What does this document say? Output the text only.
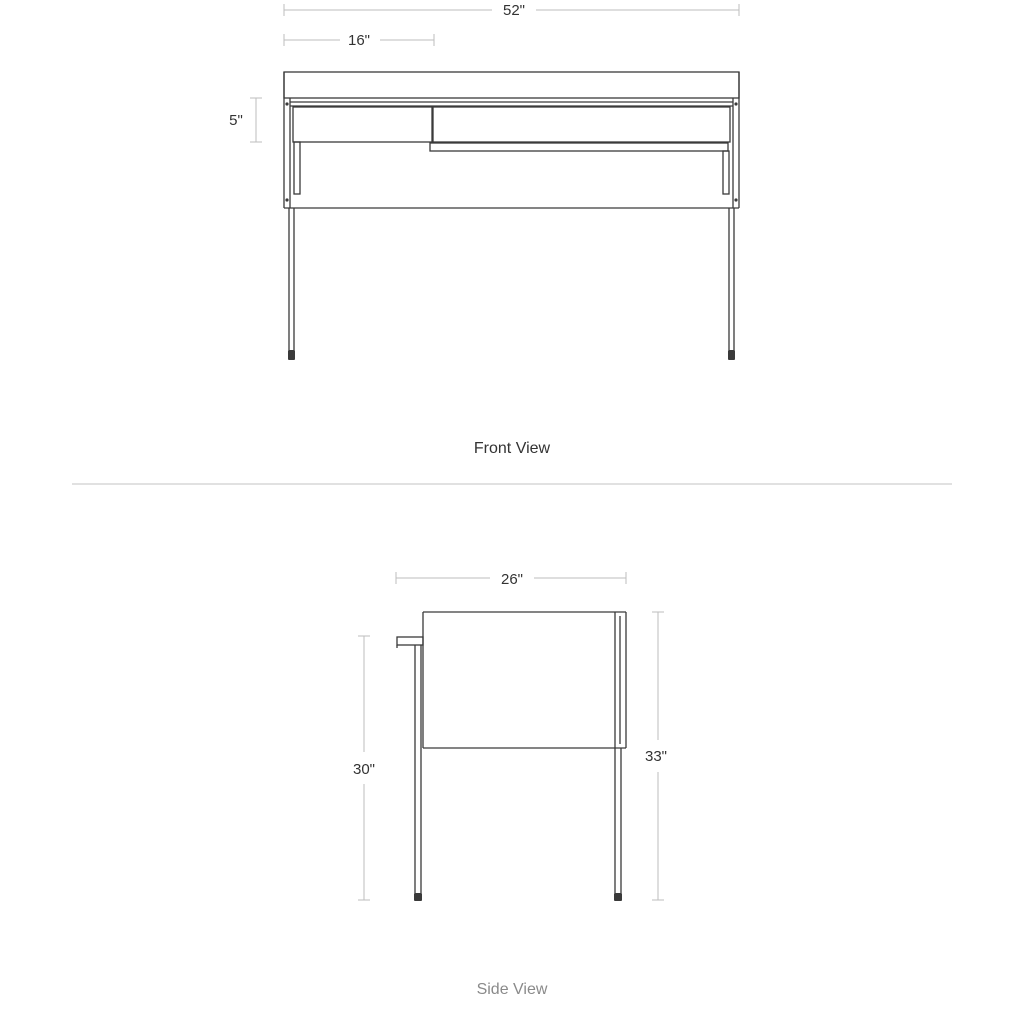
52"
16"
5"
Front View
26"
30"
33"
Side View
